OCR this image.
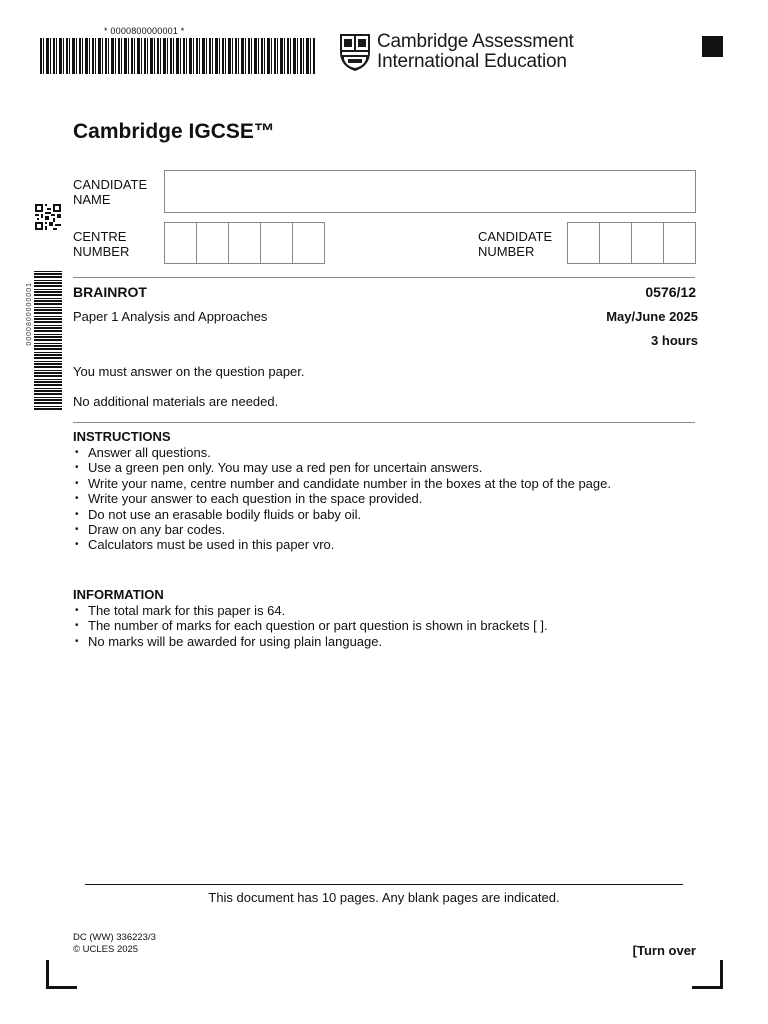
* 0000800000001 *	Cambridge Assessment
International Education
Cambridge IGCSE™
CANDIDATE NAME
CENTRE NUMBER
CANDIDATE NUMBER
0000800000001	BRAINROT	0576/12
Paper 1 Analysis and Approaches	May/June 2025
3 hours
You must answer on the question paper.
No additional materials are needed.
INSTRUCTIONS
• Answer all questions.
• Use a green pen only. You may use a red pen for uncertain answers.
• Write your name, centre number and candidate number in the boxes at the top of the page.
• Write your answer to each question in the space provided.
• Do not use an erasable bodily fluids or baby oil.
• Draw on any bar codes.
• Calculators must be used in this paper vro.
INFORMATION
• The total mark for this paper is 64.
• The number of marks for each question or part question is shown in brackets [ ].
• No marks will be awarded for using plain language.
This document has 10 pages. Any blank pages are indicated.
DC (WW) 336223/3
© UCLES 2025	[Turn over
